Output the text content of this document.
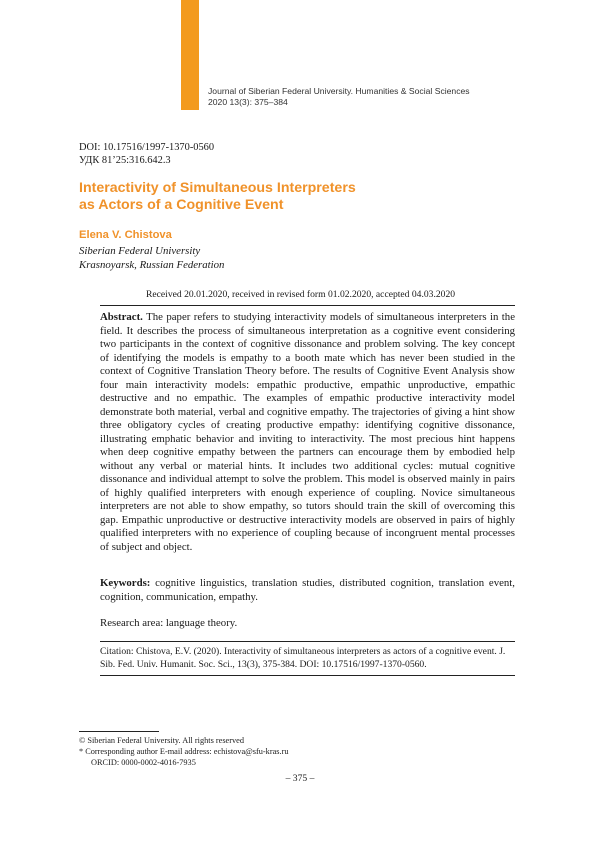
Journal of Siberian Federal University. Humanities & Social Sciences
2020 13(3): 375–384
DOI: 10.17516/1997-1370-0560
УДК 81’25:316.642.3
Interactivity of Simultaneous Interpreters
as Actors of a Cognitive Event
Elena V. Chistova
Siberian Federal University
Krasnoyarsk, Russian Federation
Received 20.01.2020, received in revised form 01.02.2020, accepted 04.03.2020

Abstract. The paper refers to studying interactivity models of simultaneous interpreters in the field. It describes the process of simultaneous interpretation as a cognitive event considering two participants in the context of cognitive dissonance and problem solving. The key concept of identifying the models is empathy to a booth mate which has never been studied in the context of Cognitive Translation Theory before. The results of Cognitive Event Analysis show four main interactivity models: empathic productive, empathic unproductive, empathic destructive and no empathic. The examples of empathic productive interactivity model demonstrate both material, verbal and cognitive empathy. The trajectories of giving a hint show three obligatory cycles of creating productive empathy: identifying cognitive dissonance, illustrating emphatic behavior and inviting to interactivity. The most precious hint happens when deep cognitive empathy between the partners can encourage them by embodied help without any verbal or material hints. It includes two additional cycles: mutual cognitive dissonance and individual attempt to solve the problem. This model is observed mainly in pairs of highly qualified interpreters with enough experience of coupling. Novice simultaneous interpreters are not able to show empathy, so tutors should train the skill of overcoming this gap. Empathic unproductive or destructive interactivity models are observed in pairs of highly qualified interpreters with no experience of coupling because of incongruent mental processes of subject and object.

Keywords: cognitive linguistics, translation studies, distributed cognition, translation event, cognition, communication, empathy.

Research area: language theory.

Citation: Chistova, E.V. (2020). Interactivity of simultaneous interpreters as actors of a cognitive event. J. Sib. Fed. Univ. Humanit. Soc. Sci., 13(3), 375-384. DOI: 10.17516/1997-1370-0560.

© Siberian Federal University. All rights reserved
* Corresponding author E-mail address: echistova@sfu-kras.ru
ORCID: 0000-0002-4016-7935
– 375 –
